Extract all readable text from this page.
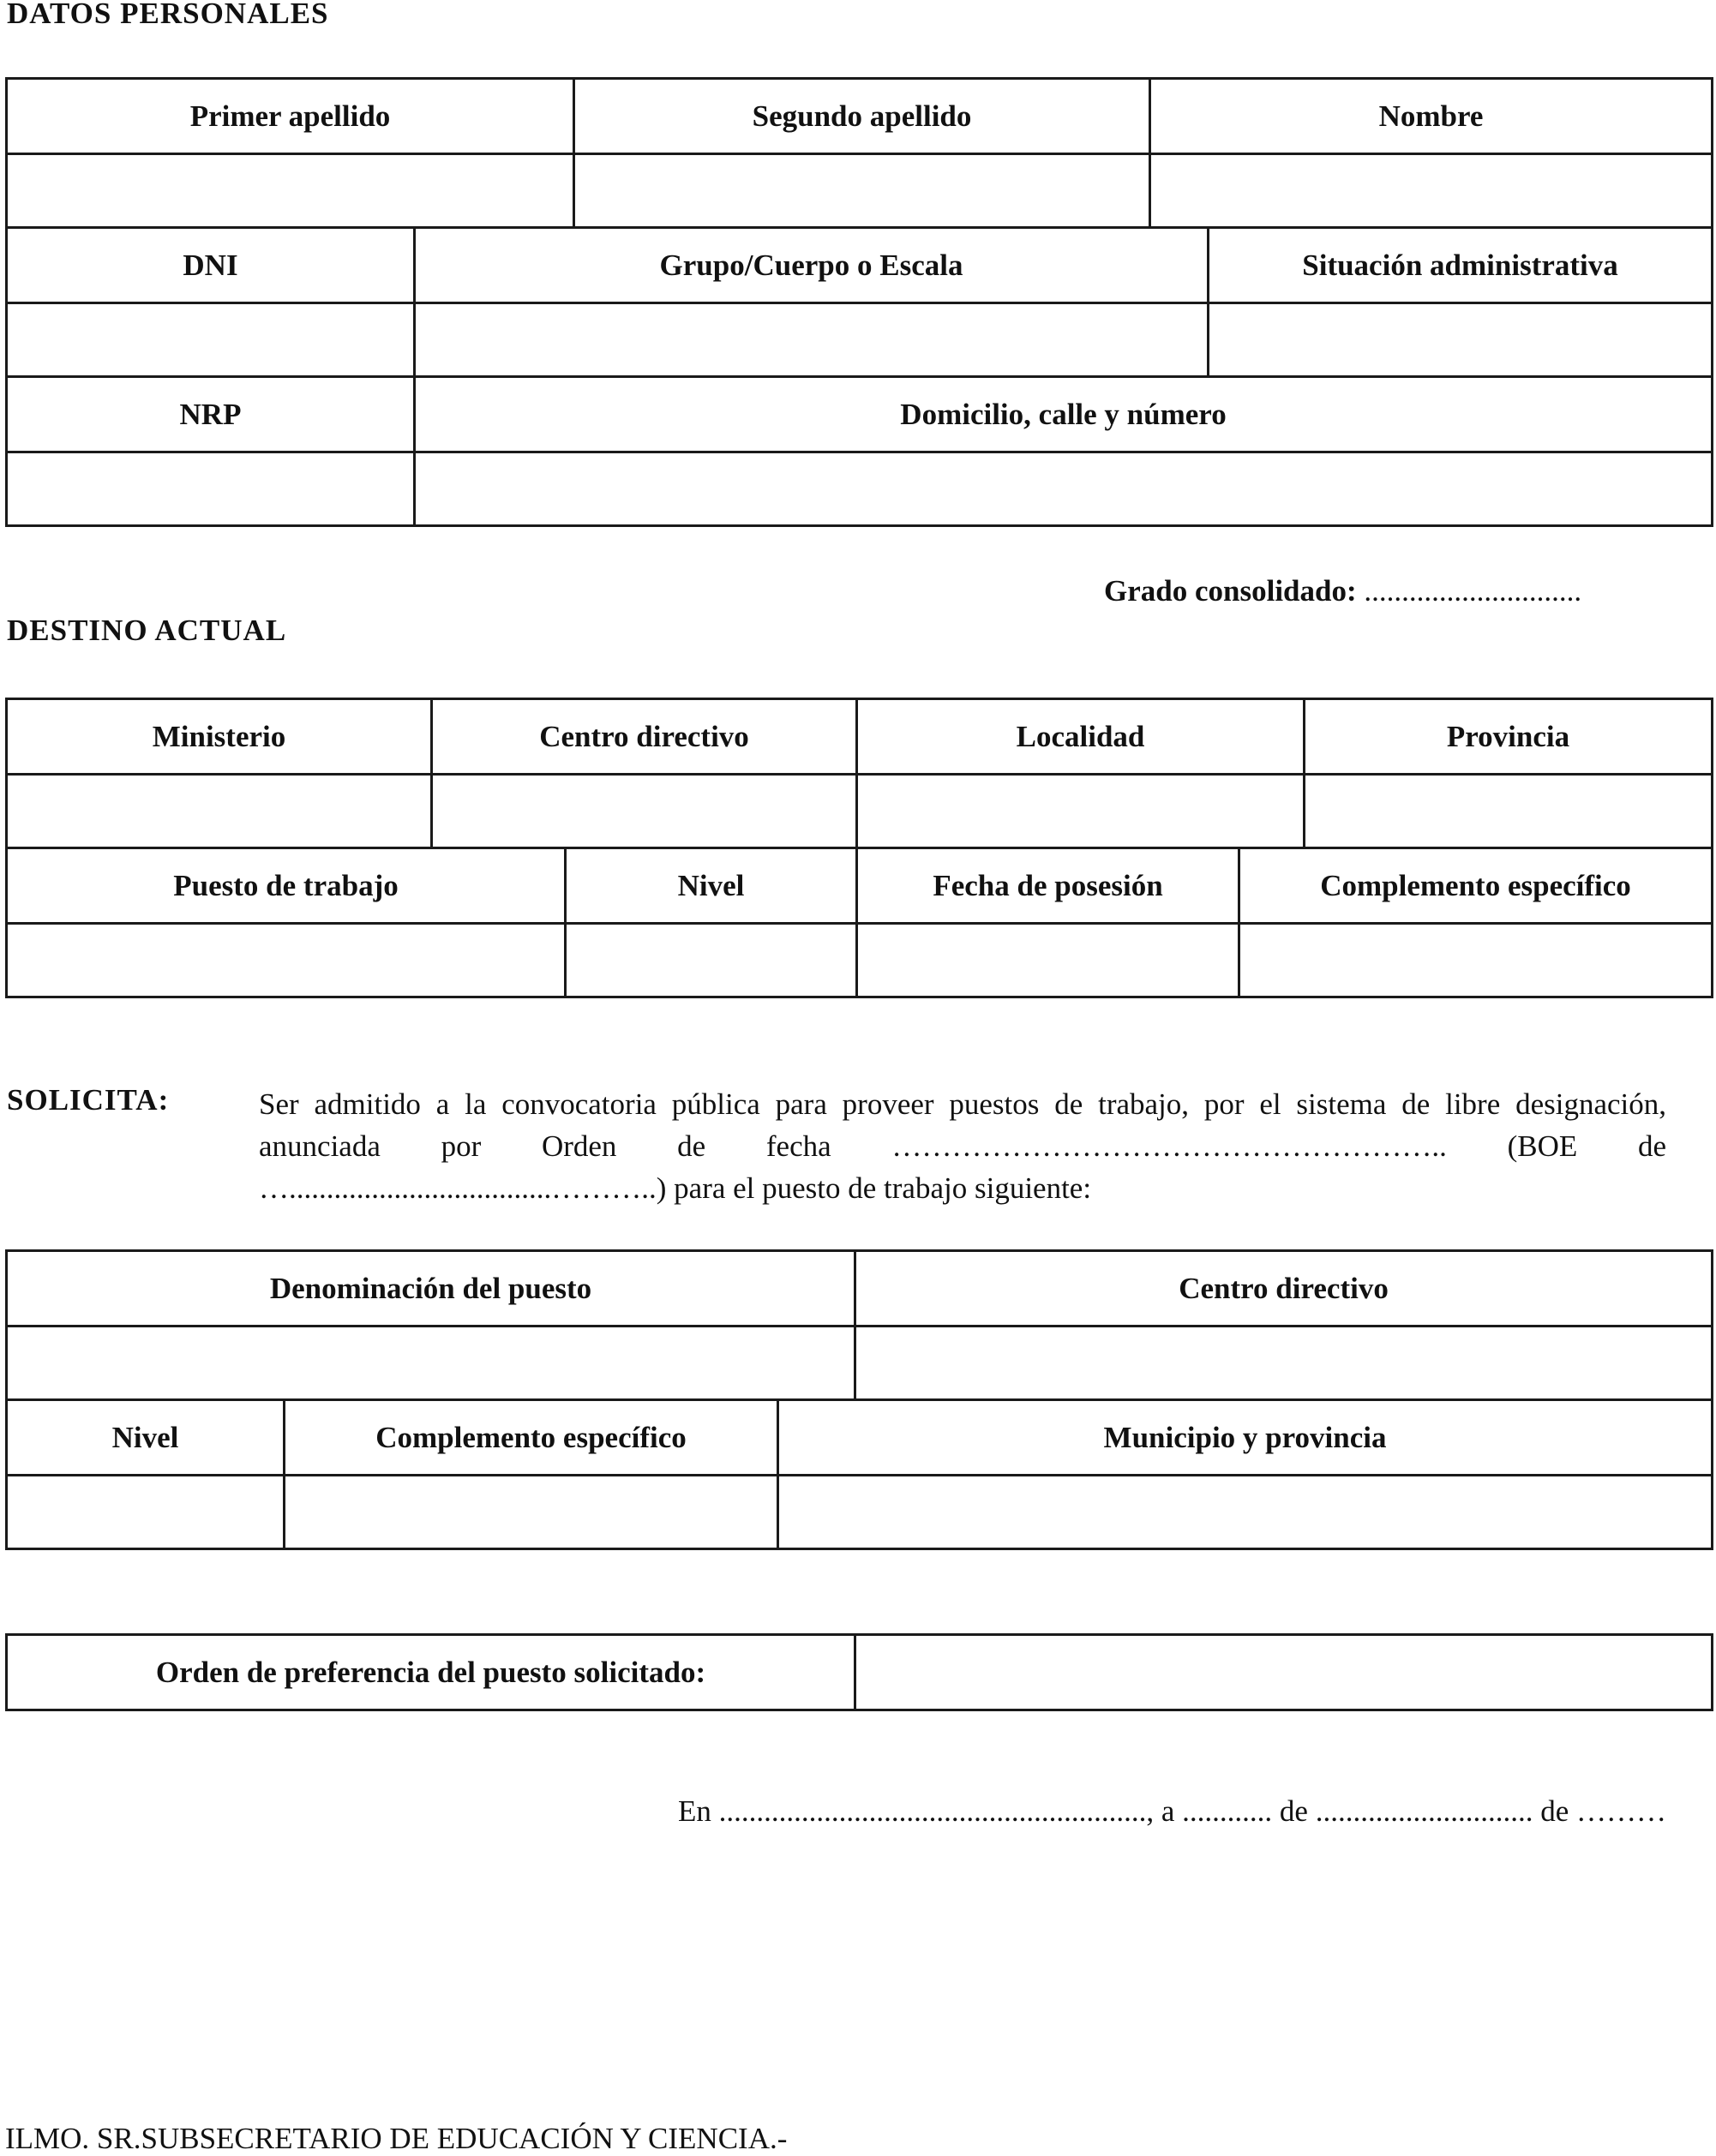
DATOS PERSONALES
Primer apellido		Segundo apellido	Nombre	

DNI	Grupo/Cuerpo o Escala			Situación administrativa

NRP	Domicilio, calle y número			

Grado consolidado: .............................
DESTINO ACTUAL
Ministerio	Centro directivo		Localidad		Provincia

Puesto de trabajo		Nivel	Fecha de posesión	Complemento específico	

SOLICITA:	Ser admitido a la convocatoria pública para proveer puestos de trabajo, por el sistema de libre designación, anunciada por Orden de fecha ……………………………………………….. (BOE de …...................................………..) para el puesto de trabajo siguiente:

Denominación del puesto			Centro directivo

Nivel	Complemento específico	Municipio y provincia	

Orden de preferencia del puesto solicitado:	

En ........................................................., a ............ de ............................. de ………

ILMO. SR.SUBSECRETARIO DE EDUCACIÓN Y CIENCIA.-
